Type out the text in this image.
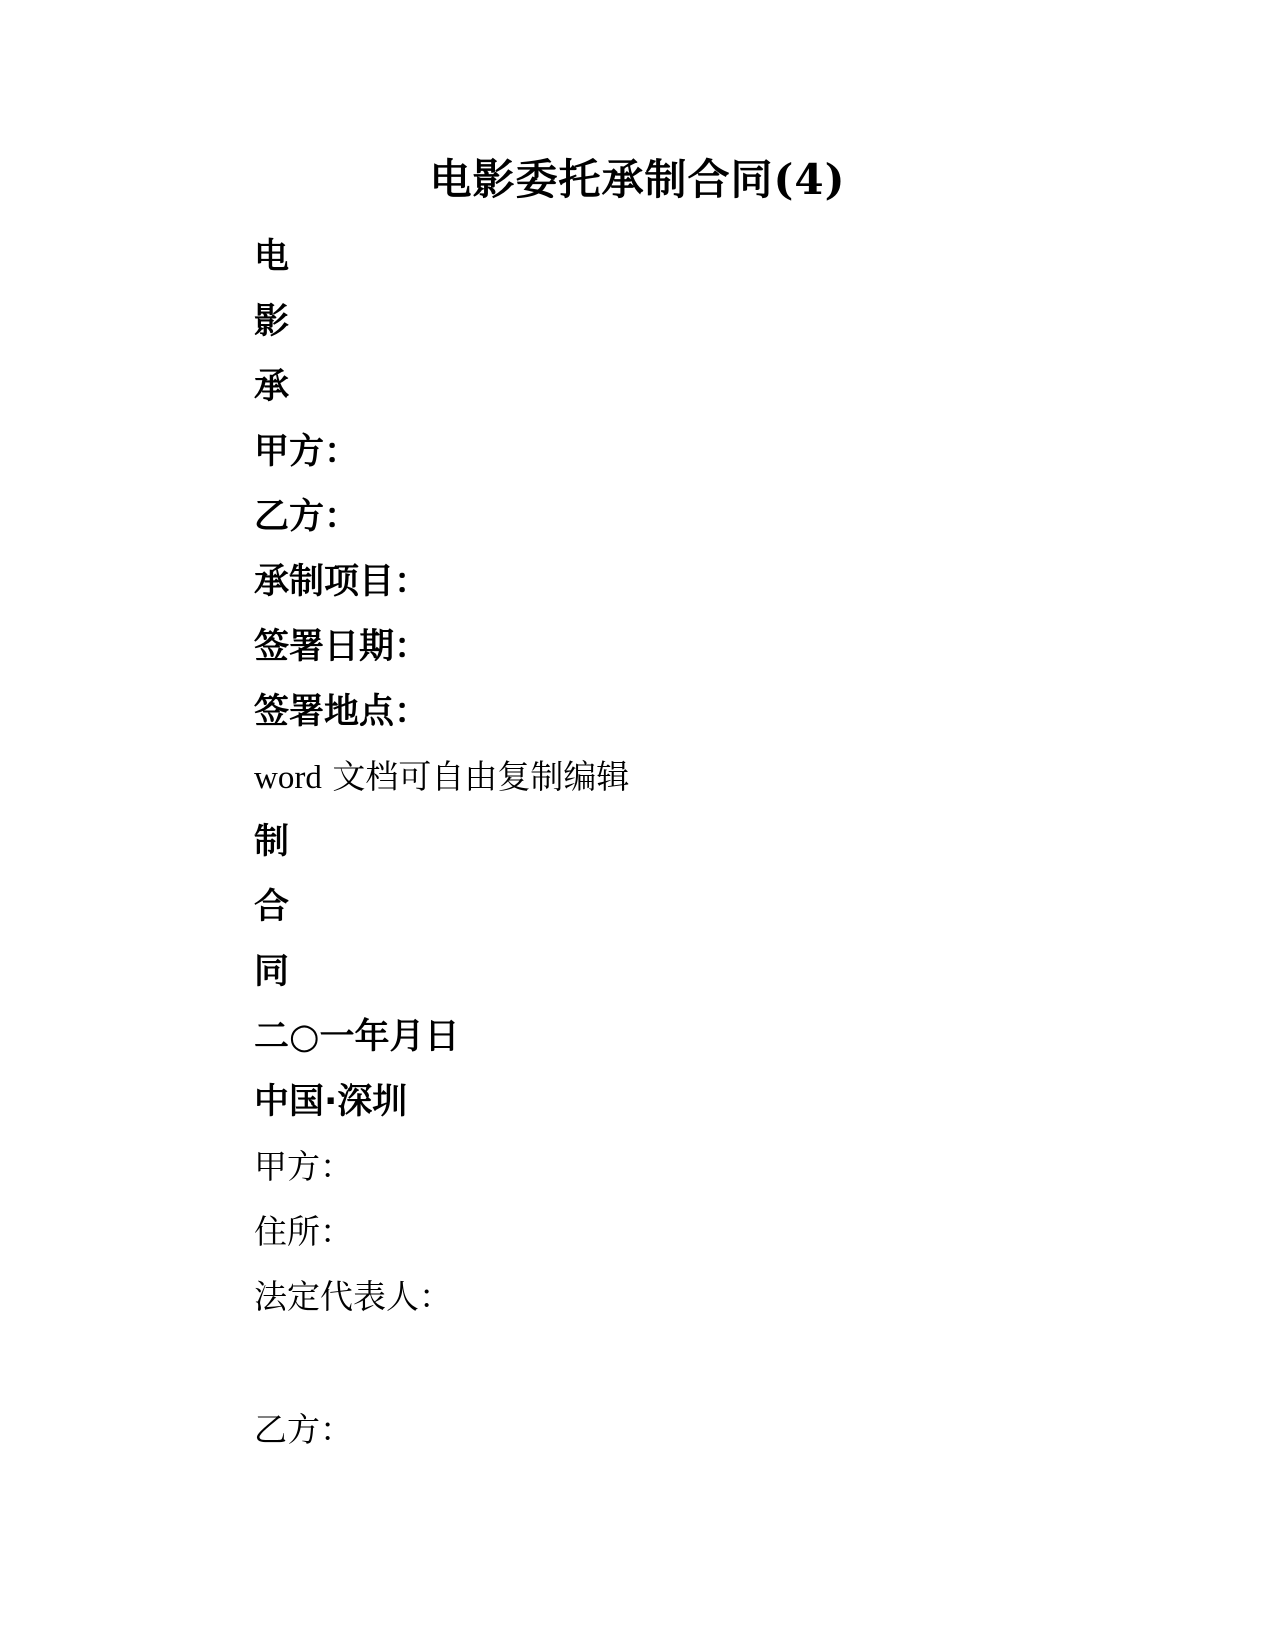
电影委托承制合同(4)
电
影
承
甲方：
乙方：
承制项目：
签署日期：
签署地点：
word 文档可自由复制编辑
制
合
同
二○一年月日
中国·深圳
甲方：
住所：
法定代表人：
乙方：
